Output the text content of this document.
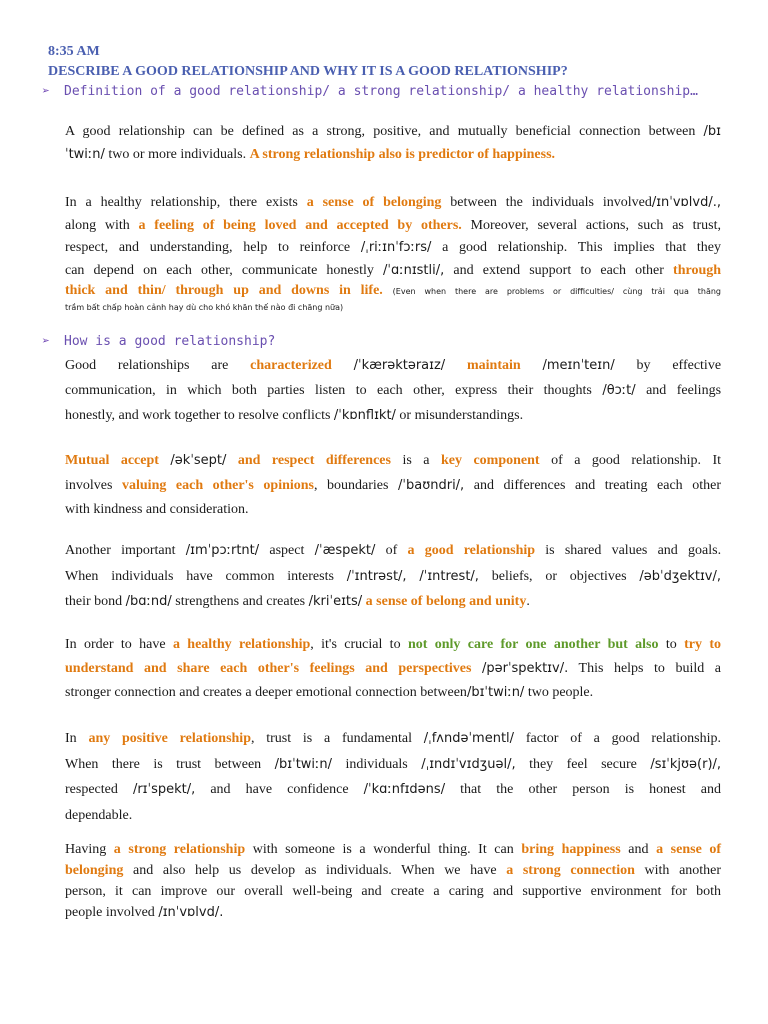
8:35 AM
DESCRIBE A GOOD RELATIONSHIP AND WHY IT IS A GOOD RELATIONSHIP?
➢ Definition of a good relationship/ a strong relationship/ a healthy relationship…
A good relationship can be defined as a strong, positive, and mutually beneficial connection between /bɪ
ˈtwiːn/ two or more individuals. A strong relationship also is predictor of happiness.
In a healthy relationship, there exists a sense of belonging between the individuals involved/ɪnˈvɒlvd/.,
along with a feeling of being loved and accepted by others. Moreover, several actions, such as trust,
respect, and understanding, help to reinforce /ˌriːɪnˈfɔːrs/ a good relationship. This implies that they
can depend on each other, communicate honestly /ˈɑːnɪstli/, and extend support to each other through
thick and thin/ through up and downs in life. (Even when there are problems or difficulties/ cùng trải qua thăng
trầm bất chấp hoàn cảnh hay dù cho khó khăn thế nào đi chăng nữa)
➢ How is a good relationship?
Good relationships are characterized /ˈkærəktəraɪz/ maintain /meɪnˈteɪn/ by effective
communication, in which both parties listen to each other, express their thoughts /θɔːt/ and feelings
honestly, and work together to resolve conflicts /ˈkɒnflɪkt/ or misunderstandings.
Mutual accept /əkˈsept/ and respect differences is a key component of a good relationship. It
involves valuing each other's opinions, boundaries /ˈbaʊndri/, and differences and treating each other
with kindness and consideration.
Another important /ɪmˈpɔːrtnt/ aspect /ˈæspekt/ of a good relationship is shared values and goals.
When individuals have common interests /ˈɪntrəst/, /ˈɪntrest/, beliefs, or objectives /əbˈdʒektɪv/,
their bond /bɑːnd/ strengthens and creates /kriˈeɪts/ a sense of belong and unity.
In order to have a healthy relationship, it's crucial to not only care for one another but also to try to
understand and share each other's feelings and perspectives /pərˈspektɪv/. This helps to build a
stronger connection and creates a deeper emotional connection between/bɪˈtwiːn/ two people.
In any positive relationship, trust is a fundamental /ˌfʌndəˈmentl/ factor of a good relationship.
When there is trust between /bɪˈtwiːn/ individuals /ˌɪndɪˈvɪdʒuəl/, they feel secure /sɪˈkjʊə(r)/,
respected /rɪˈspekt/, and have confidence /ˈkɑːnfɪdəns/ that the other person is honest and
dependable.
Having a strong relationship with someone is a wonderful thing. It can bring happiness and a sense of
belonging and also help us develop as individuals. When we have a strong connection with another
person, it can improve our overall well-being and create a caring and supportive environment for both
people involved /ɪnˈvɒlvd/.
